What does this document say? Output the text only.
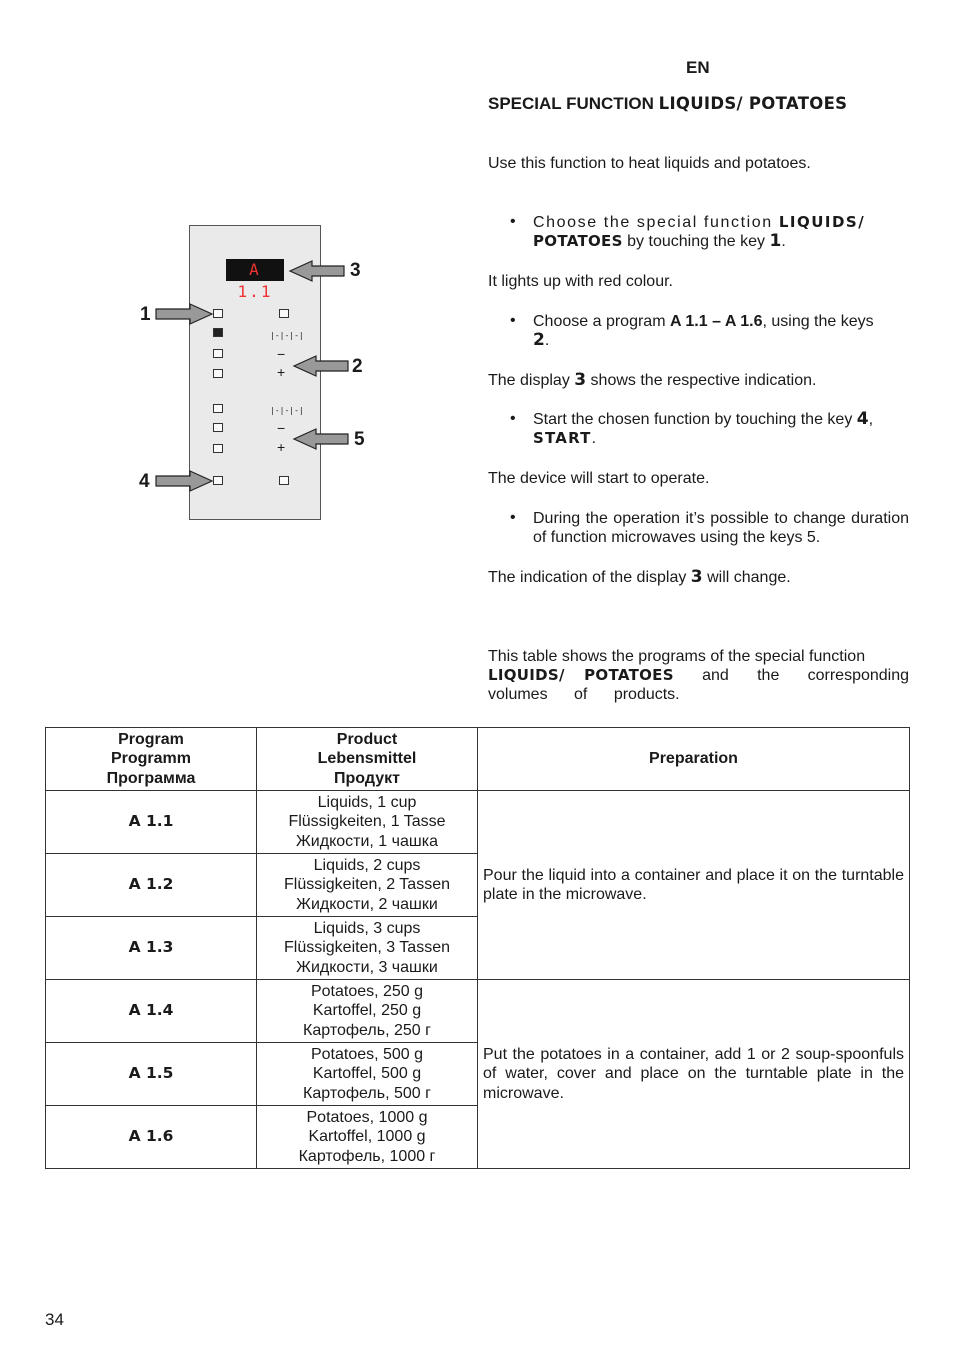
EN
SPECIAL FUNCTION LIQUIDS/ POTATOES
Use this function to heat liquids and potatoes.
• Choose the special function LIQUIDS/
POTATOES by touching the key 1.
It lights up with red colour.
• Choose a program A 1.1 – A 1.6, using the keys
2.
The display 3 shows the respective indication.
• Start the chosen function by touching the key 4,
START.
The device will start to operate.
• During the operation it’s possible to change duration of function microwaves using the keys 5.
The indication of the display 3 will change.
This table shows the programs of the special function
LIQUIDS/ POTATOES and the corresponding volumes of products.
A 1.1
|-|-|-|
−
+
|-|-|-|
−
+
3
1
2
5
4
Program
Programm
Программа	Product
Lebensmittel
Продукт	Preparation
A 1.1	Liquids, 1 cup
Flüssigkeiten, 1 Tasse
Жидкости, 1 чашка	Pour the liquid into a container and place it on the turntable plate in the microwave.
A 1.2	Liquids, 2 cups
Flüssigkeiten, 2 Tassen
Жидкости, 2 чашки	

A 1.3	Liquids, 3 cups
Flüssigkeiten, 3 Tassen
Жидкости, 3 чашки	

A 1.4	Potatoes, 250 g
Kartoffel, 250 g
Картофель, 250 г	Put the potatoes in a container, add 1 or 2 soup-spoonfuls of water, cover and place on the turntable plate in the microwave.
A 1.5	Potatoes, 500 g
Kartoffel, 500 g
Картофель, 500 г	

A 1.6	Potatoes, 1000 g
Kartoffel, 1000 g
Картофель, 1000 г	
34
